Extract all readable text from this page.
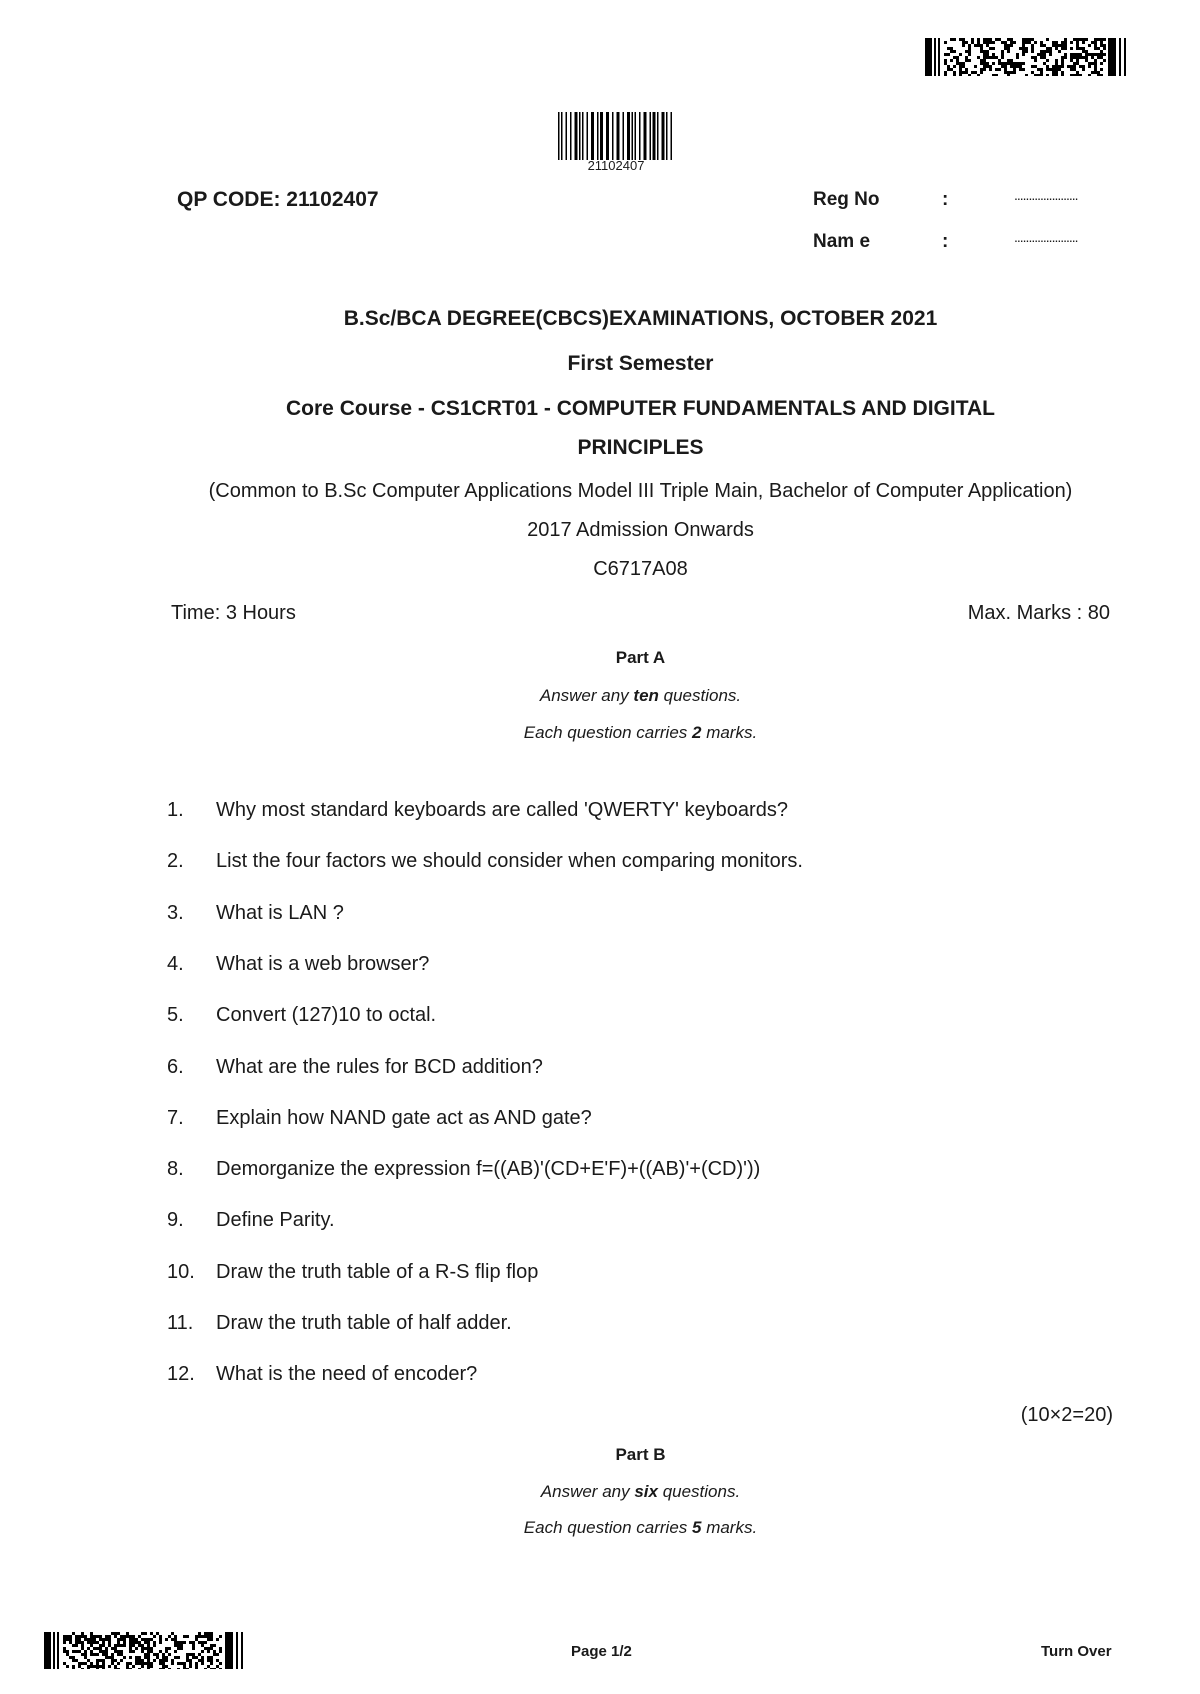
21102407
QP CODE: 21102407	Reg No	:	......................
Nam e	:	......................
B.Sc/BCA DEGREE(CBCS)EXAMINATIONS, OCTOBER 2021
First Semester
Core Course - CS1CRT01 - COMPUTER FUNDAMENTALS AND DIGITAL
PRINCIPLES
(Common to B.Sc Computer Applications Model III Triple Main, Bachelor of Computer Application)
2017 Admission Onwards
C6717A08
Time: 3 Hours	Max. Marks : 80
Part A
Answer any ten questions.
Each question carries 2 marks.
1. Why most standard keyboards are called 'QWERTY' keyboards?
2. List the four factors we should consider when comparing monitors.
3. What is LAN ?
4. What is a web browser?
5. Convert (127)10 to octal.
6. What are the rules for BCD addition?
7. Explain how NAND gate act as AND gate?
8. Demorganize the expression f=((AB)'(CD+E'F)+((AB)'+(CD)'))
9. Define Parity.
10. Draw the truth table of a R-S flip flop
11. Draw the truth table of half adder.
12. What is the need of encoder?
(10×2=20)
Part B
Answer any six questions.
Each question carries 5 marks.
Page 1/2	Turn Over
